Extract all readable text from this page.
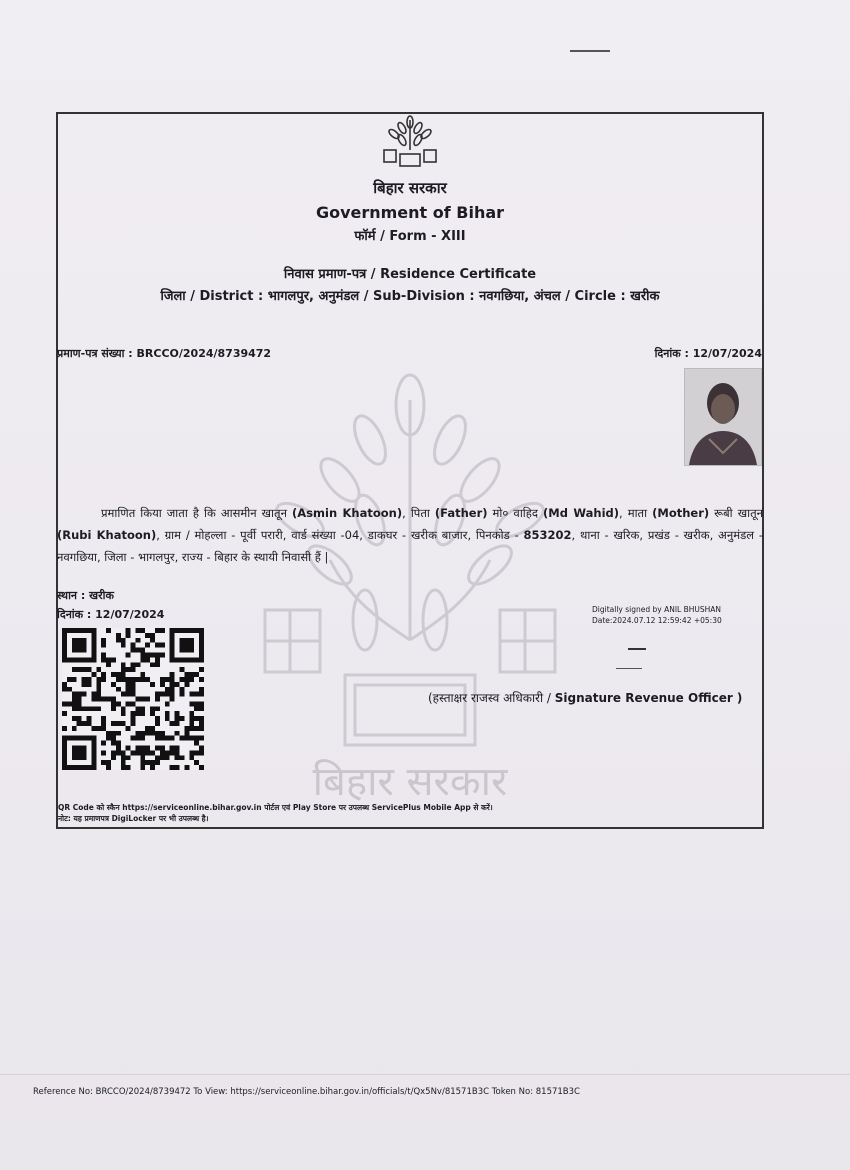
बिहार सरकार
बिहार सरकार
Government of Bihar
फॉर्म / Form - XIII
निवास प्रमाण-पत्र / Residence Certificate
जिला / District : भागलपुर, अनुमंडल / Sub-Division : नवगछिया, अंचल / Circle : खरीक
प्रमाण-पत्र संख्या : BRCCO/2024/8739472	दिनांक : 12/07/2024
प्रमाणित किया जाता है कि आसमीन खातून (Asmin Khatoon), पिता (Father) मो० वाहिद (Md Wahid), माता (Mother) रूबी खातून (Rubi Khatoon), ग्राम / मोहल्ला - पूर्वी परारी, वार्ड संख्या -04, डाकघर - खरीक बाजार, पिनकोड - 853202, थाना - खरिक, प्रखंड - खरीक, अनुमंडल - नवगछिया, जिला - भागलपुर, राज्य - बिहार के स्थायी निवासी हैं |
स्थान : खरीक
दिनांक : 12/07/2024	Digitally signed by ANIL BHUSHAN
Date:2024.07.12 12:59:42 +05:30
(हस्ताक्षर राजस्व अधिकारी / Signature Revenue Officer )
QR Code को स्कैन https://serviceonline.bihar.gov.in पोर्टल एवं Play Store पर उपलब्ध ServicePlus Mobile App से करें।
नोट: यह प्रमाणपत्र DigiLocker पर भी उपलब्ध है।
Reference No: BRCCO/2024/8739472 To View: https://serviceonline.bihar.gov.in/officials/t/Qx5Nv/81571B3C Token No: 81571B3C
